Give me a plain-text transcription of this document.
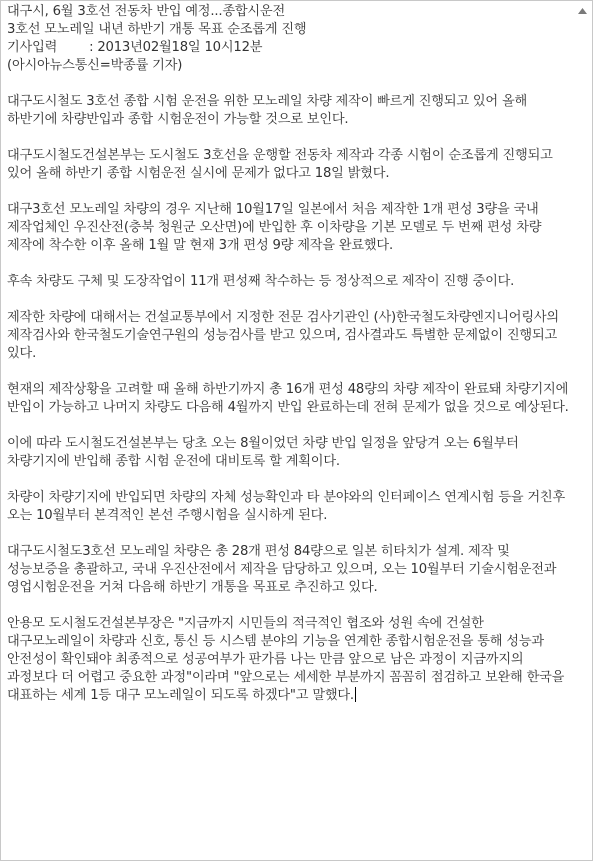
대구시, 6월 3호선 전동차 반입 예정...종합시운전
3호선 모노레일 내년 하반기 개통 목표 순조롭게 진행
기사입력        : 2013년02월18일 10시12분
(아시아뉴스통신=박종률 기자)

대구도시철도 3호선 종합 시험 운전을 위한 모노레일 차량 제작이 빠르게 진행되고 있어 올해 하반기에 차량반입과 종합 시험운전이 가능할 것으로 보인다.

대구도시철도건설본부는 도시철도 3호선을 운행할 전동차 제작과 각종 시험이 순조롭게 진행되고 있어 올해 하반기 종합 시험운전 실시에 문제가 없다고 18일 밝혔다.

대구3호선 모노레일 차량의 경우 지난해 10월17일 일본에서 처음 제작한 1개 편성 3량을 국내 제작업체인 우진산전(충북 청원군 오산면)에 반입한 후 이차량을 기본 모델로 두 번째 편성 차량 제작에 착수한 이후 올해 1월 말 현재 3개 편성 9량 제작을 완료했다.

후속 차량도 구체 및 도장작업이 11개 편성째 착수하는 등 정상적으로 제작이 진행 중이다.

제작한 차량에 대해서는 건설교통부에서 지정한 전문 검사기관인 (사)한국철도차량엔지니어링사의 제작검사와 한국철도기술연구원의 성능검사를 받고 있으며, 검사결과도 특별한 문제없이 진행되고 있다.

현재의 제작상황을 고려할 때 올해 하반기까지 총 16개 편성 48량의 차량 제작이 완료돼 차량기지에 반입이 가능하고 나머지 차량도 다음해 4월까지 반입 완료하는데 전혀 문제가 없을 것으로 예상된다.

이에 따라 도시철도건설본부는 당초 오는 8월이었던 차량 반입 일정을 앞당겨 오는 6월부터 차량기지에 반입해 종합 시험 운전에 대비토록 할 계획이다.

차량이 차량기지에 반입되면 차량의 자체 성능확인과 타 분야와의 인터페이스 연계시험 등을 거친후 오는 10월부터 본격적인 본선 주행시험을 실시하게 된다.

대구도시철도3호선 모노레일 차량은 총 28개 편성 84량으로 일본 히타치가 설계. 제작 및 성능보증을 총괄하고, 국내 우진산전에서 제작을 담당하고 있으며, 오는 10월부터 기술시험운전과 영업시험운전을 거쳐 다음해 하반기 개통을 목표로 추진하고 있다.

안용모 도시철도건설본부장은 "지금까지 시민들의 적극적인 협조와 성원 속에 건설한 대구모노레일이 차량과 신호, 통신 등 시스템 분야의 기능을 연계한 종합시험운전을 통해 성능과 안전성이 확인돼야 최종적으로 성공여부가 판가름 나는 만큼 앞으로 남은 과정이 지금까지의 과정보다 더 어렵고 중요한 과정"이라며 "앞으로는 세세한 부분까지 꼼꼼히 점검하고 보완해 한국을 대표하는 세계 1등 대구 모노레일이 되도록 하겠다"고 말했다.
